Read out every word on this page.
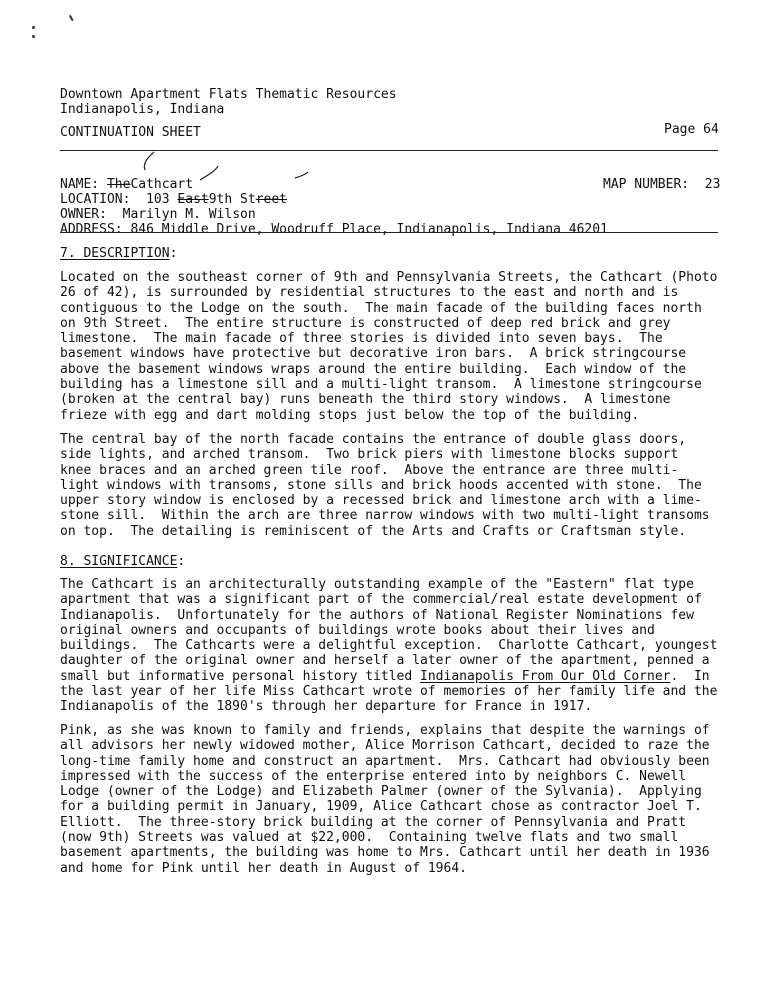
Downtown Apartment Flats Thematic Resources
Indianapolis, Indiana
CONTINUATION SHEET	Page 64

NAME: TheCathcart	MAP NUMBER: 23

LOCATION: 103 East9th Street

OWNER: Marilyn M. Wilson

ADDRESS: 846 Middle Drive, Woodruff Place, Indianapolis, Indiana 46201
7. DESCRIPTION:
Located on the southeast corner of 9th and Pennsylvania Streets, the Cathcart (Photo
26 of 42), is surrounded by residential structures to the east and north and is
contiguous to the Lodge on the south.  The main facade of the building faces north
on 9th Street.  The entire structure is constructed of deep red brick and grey
limestone.  The main facade of three stories is divided into seven bays.  The
basement windows have protective but decorative iron bars.  A brick stringcourse
above the basement windows wraps around the entire building.  Each window of the
building has a limestone sill and a multi-light transom.  A limestone stringcourse
(broken at the central bay) runs beneath the third story windows.  A limestone
frieze with egg and dart molding stops just below the top of the building.
The central bay of the north facade contains the entrance of double glass doors,
side lights, and arched transom.  Two brick piers with limestone blocks support
knee braces and an arched green tile roof.  Above the entrance are three multi-
light windows with transoms, stone sills and brick hoods accented with stone.  The
upper story window is enclosed by a recessed brick and limestone arch with a lime-
stone sill.  Within the arch are three narrow windows with two multi-light transoms
on top.  The detailing is reminiscent of the Arts and Crafts or Craftsman style.
8. SIGNIFICANCE:
The Cathcart is an architecturally outstanding example of the "Eastern" flat type
apartment that was a significant part of the commercial/real estate development of
Indianapolis.  Unfortunately for the authors of National Register Nominations few
original owners and occupants of buildings wrote books about their lives and
buildings.  The Cathcarts were a delightful exception.  Charlotte Cathcart, youngest
daughter of the original owner and herself a later owner of the apartment, penned a
small but informative personal history titled Indianapolis From Our Old Corner.  In
the last year of her life Miss Cathcart wrote of memories of her family life and the
Indianapolis of the 1890's through her departure for France in 1917.
Pink, as she was known to family and friends, explains that despite the warnings of
all advisors her newly widowed mother, Alice Morrison Cathcart, decided to raze the
long-time family home and construct an apartment.  Mrs. Cathcart had obviously been
impressed with the success of the enterprise entered into by neighbors C. Newell
Lodge (owner of the Lodge) and Elizabeth Palmer (owner of the Sylvania).  Applying
for a building permit in January, 1909, Alice Cathcart chose as contractor Joel T.
Elliott.  The three-story brick building at the corner of Pennsylvania and Pratt
(now 9th) Streets was valued at $22,000.  Containing twelve flats and two small
basement apartments, the building was home to Mrs. Cathcart until her death in 1936
and home for Pink until her death in August of 1964.
